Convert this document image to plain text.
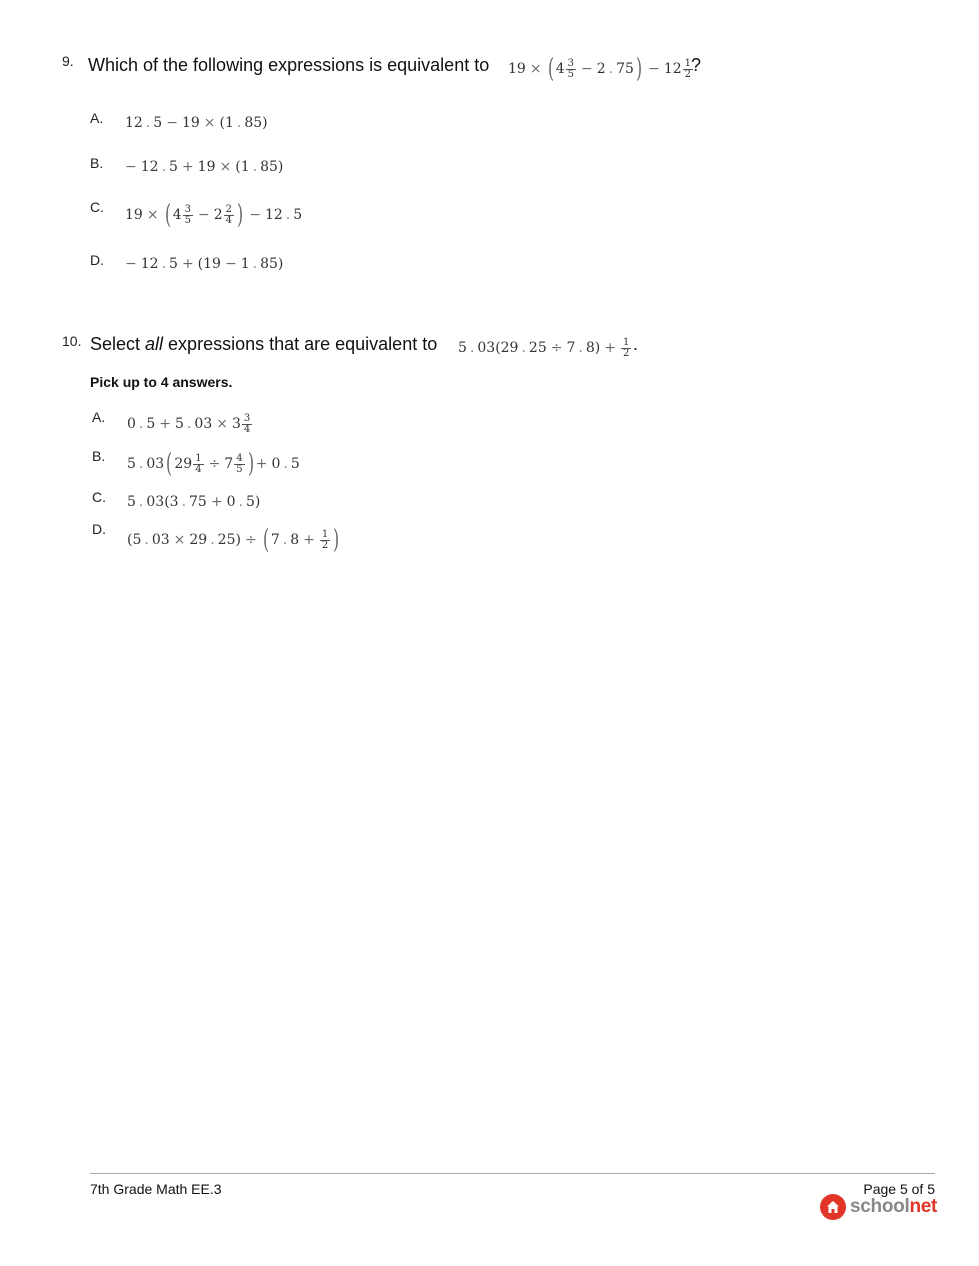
9. Which of the following expressions is equivalent to 19 × ( $4 \frac{3}{5} - 2$ . 75 ) − $12 \frac{1}{2}$
?
A. 12 . 5 − 19 × (1 . 85)
B. − 12 . 5 + 19 × (1 . 85)
C. 19 × ( $4 \frac{3}{5} - 2 \frac{2}{4}$ ) − 12 . 5
D. − 12 . 5 + (19 − 1 . 85)
10. Select all expressions that are equivalent to 5 . 03(29 . 25 ÷ 7 . $8) + \frac{1}{2}$ .
Pick up to 4 answers.
A. 0 . 5 + 5 . $03 \times 3 \frac{3}{4}$
B. 5 . 03 ( $29 \frac{1}{4} \div 7 \frac{4}{5}$ ) + 0 . 5
C. 5 . 03(3 . 75 + 0 . 5)
D.
(5 . 03 × 29 . 25) ÷ ( 7 . $8 + \frac{1}{2}$ )
7th Grade Math EE.3	Page 5 of 5
schoolnet
